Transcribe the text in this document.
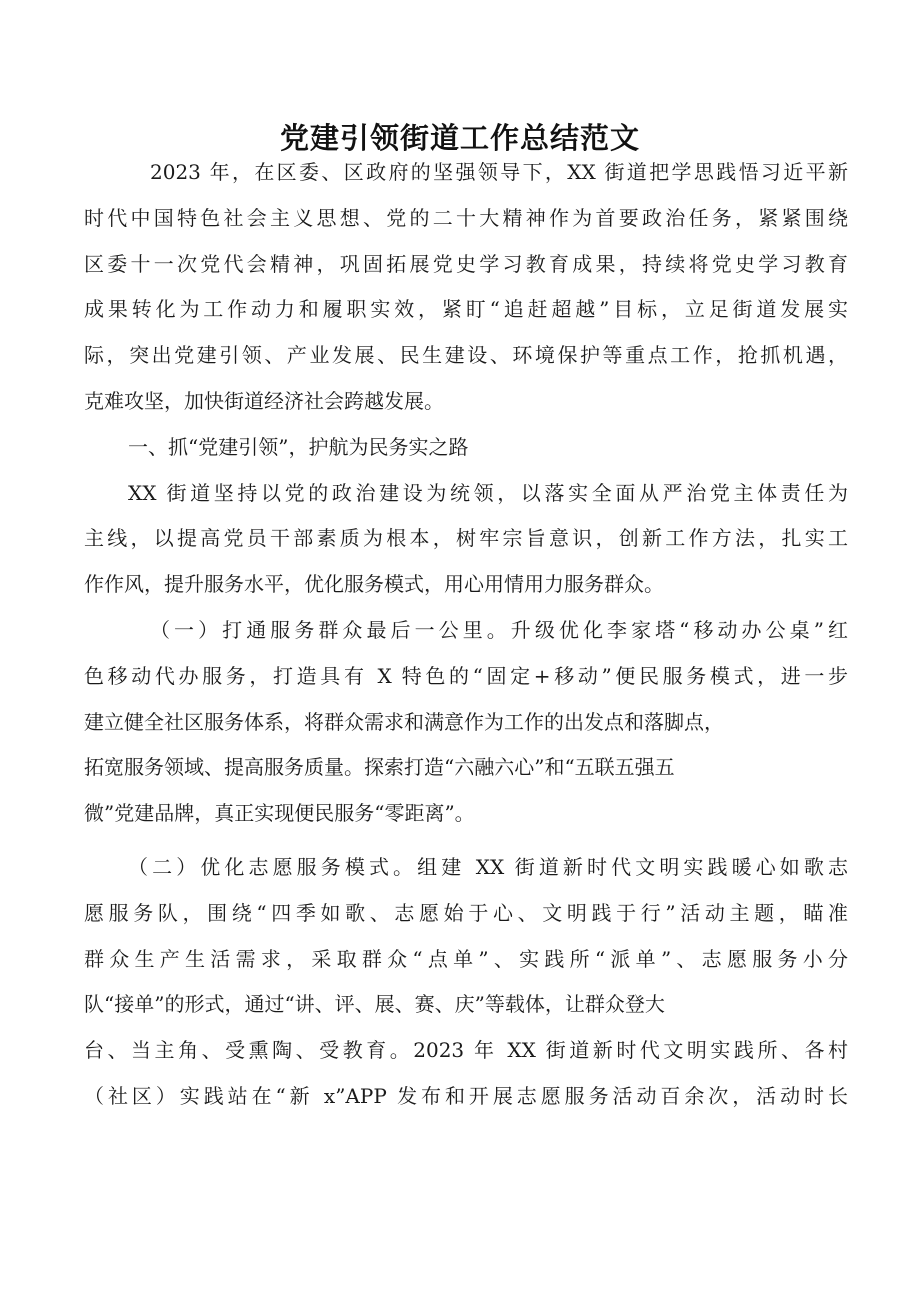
党建引领街道工作总结范文
2023 年，在区委、区政府的坚强领导下，XX 街道把学思践悟习近平新
时代中国特色社会主义思想、党的二十大精神作为首要政治任务，紧紧围绕
区委十一次党代会精神，巩固拓展党史学习教育成果，持续将党史学习教育
成果转化为工作动力和履职实效，紧盯“追赶超越”目标，立足街道发展实
际，突出党建引领、产业发展、民生建设、环境保护等重点工作，抢抓机遇，
克难攻坚，加快街道经济社会跨越发展。
一、抓“党建引领”，护航为民务实之路
XX 街道坚持以党的政治建设为统领，以落实全面从严治党主体责任为
主线，以提高党员干部素质为根本，树牢宗旨意识，创新工作方法，扎实工
作作风，提升服务水平，优化服务模式，用心用情用力服务群众。
（一）打通服务群众最后一公里。升级优化李家塔“移动办公桌”红
色移动代办服务，打造具有 X 特色的“固定+移动”便民服务模式，进一步
建立健全社区服务体系，将群众需求和满意作为工作的出发点和落脚点，
拓宽服务领域、提高服务质量。探索打造“六融六心”和“五联五强五
微”党建品牌，真正实现便民服务“零距离”。
（二）优化志愿服务模式。组建 XX 街道新时代文明实践暖心如歌志
愿服务队，围绕“四季如歌、志愿始于心、文明践于行”活动主题，瞄准
群众生产生活需求，采取群众“点单”、实践所“派单”、志愿服务小分
队“接单”的形式，通过“讲、评、展、赛、庆”等载体，让群众登大
台、当主角、受熏陶、受教育。2023 年 XX 街道新时代文明实践所、各村
（社区）实践站在“新 x”APP 发布和开展志愿服务活动百余次，活动时长
